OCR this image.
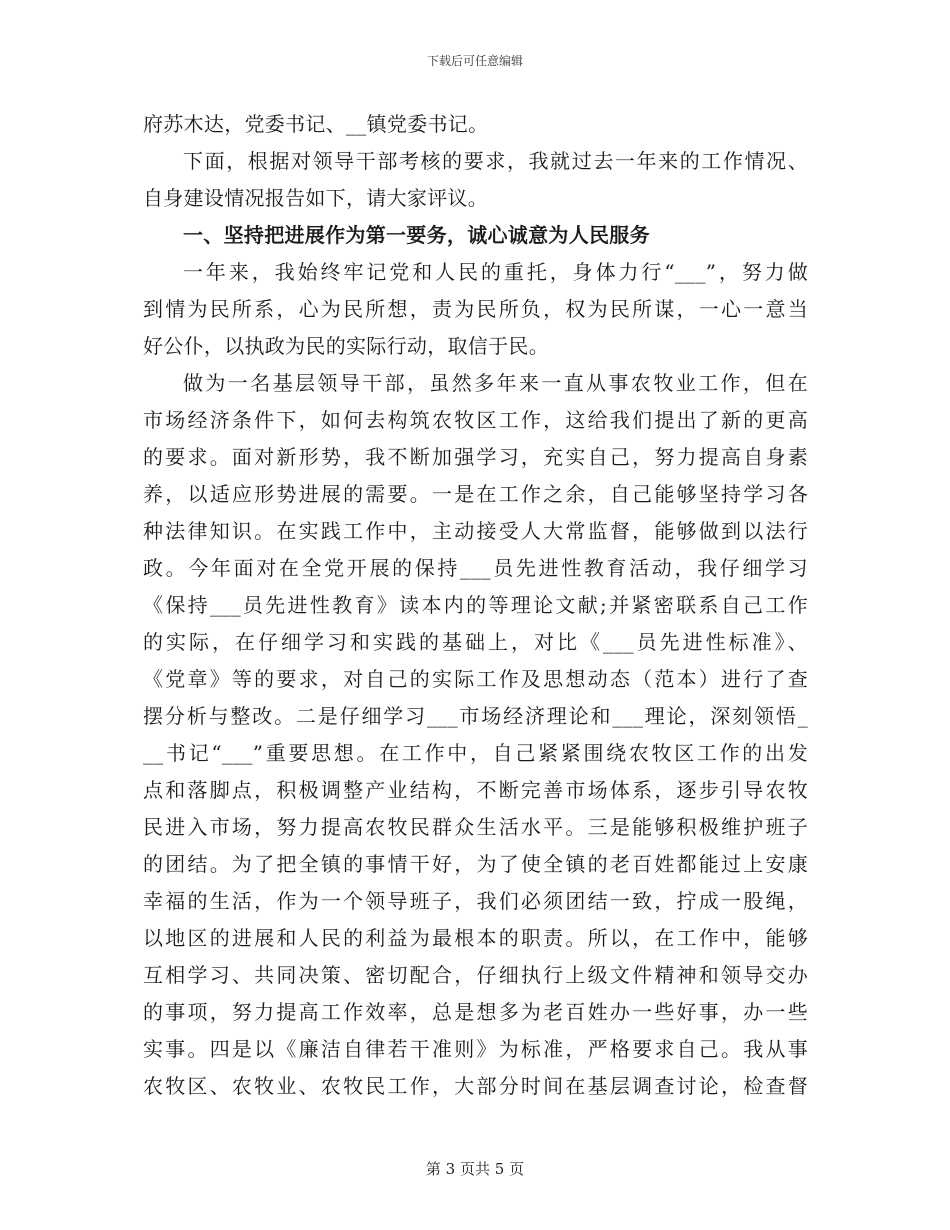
下载后可任意编辑
府苏木达，党委书记、__镇党委书记。
下面，根据对领导干部考核的要求，我就过去一年来的工作情况、
自身建设情况报告如下，请大家评议。
一、坚持把进展作为第一要务，诚心诚意为人民服务
一年来，我始终牢记党和人民的重托，身体力行“___”，努力做
到情为民所系，心为民所想，责为民所负，权为民所谋，一心一意当
好公仆，以执政为民的实际行动，取信于民。
做为一名基层领导干部，虽然多年来一直从事农牧业工作，但在
市场经济条件下，如何去构筑农牧区工作，这给我们提出了新的更高
的要求。面对新形势，我不断加强学习，充实自己，努力提高自身素
养，以适应形势进展的需要。一是在工作之余，自己能够坚持学习各
种法律知识。在实践工作中，主动接受人大常监督，能够做到以法行
政。今年面对在全党开展的保持___员先进性教育活动，我仔细学习
《保持___员先进性教育》读本内的等理论文献;并紧密联系自己工作
的实际，在仔细学习和实践的基础上，对比《___员先进性标准》、
《党章》等的要求，对自己的实际工作及思想动态（范本）进行了查
摆分析与整改。二是仔细学习___市场经济理论和___理论，深刻领悟_
__书记“___”重要思想。在工作中，自己紧紧围绕农牧区工作的出发
点和落脚点，积极调整产业结构，不断完善市场体系，逐步引导农牧
民进入市场，努力提高农牧民群众生活水平。三是能够积极维护班子
的团结。为了把全镇的事情干好，为了使全镇的老百姓都能过上安康
幸福的生活，作为一个领导班子，我们必须团结一致，拧成一股绳，
以地区的进展和人民的利益为最根本的职责。所以，在工作中，能够
互相学习、共同决策、密切配合，仔细执行上级文件精神和领导交办
的事项，努力提高工作效率，总是想多为老百姓办一些好事，办一些
实事。四是以《廉洁自律若干准则》为标准，严格要求自己。我从事
农牧区、农牧业、农牧民工作，大部分时间在基层调查讨论，检查督
第 3 页共 5 页
